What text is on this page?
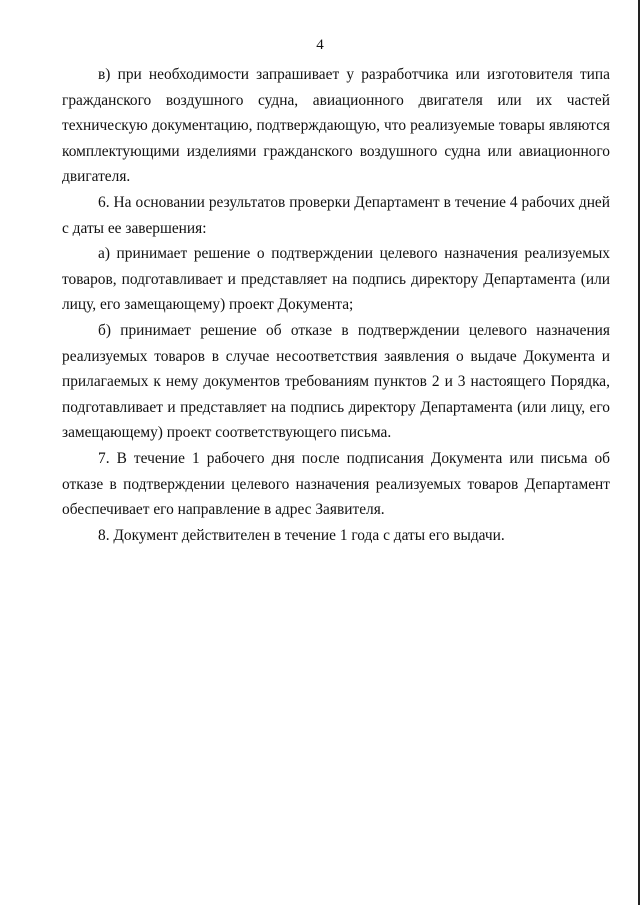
4

в) при необходимости запрашивает у разработчика или изготовителя типа гражданского воздушного судна, авиационного двигателя или их частей техническую документацию, подтверждающую, что реализуемые товары являются комплектующими изделиями гражданского воздушного судна или авиационного двигателя.

6. На основании результатов проверки Департамент в течение 4 рабочих дней с даты ее завершения:

а) принимает решение о подтверждении целевого назначения реализуемых товаров, подготавливает и представляет на подпись директору Департамента (или лицу, его замещающему) проект Документа;

б) принимает решение об отказе в подтверждении целевого назначения реализуемых товаров в случае несоответствия заявления о выдаче Документа и прилагаемых к нему документов требованиям пунктов 2 и 3 настоящего Порядка, подготавливает и представляет на подпись директору Департамента (или лицу, его замещающему) проект соответствующего письма.

7. В течение 1 рабочего дня после подписания Документа или письма об отказе в подтверждении целевого назначения реализуемых товаров Департамент обеспечивает его направление в адрес Заявителя.

8. Документ действителен в течение 1 года с даты его выдачи.
